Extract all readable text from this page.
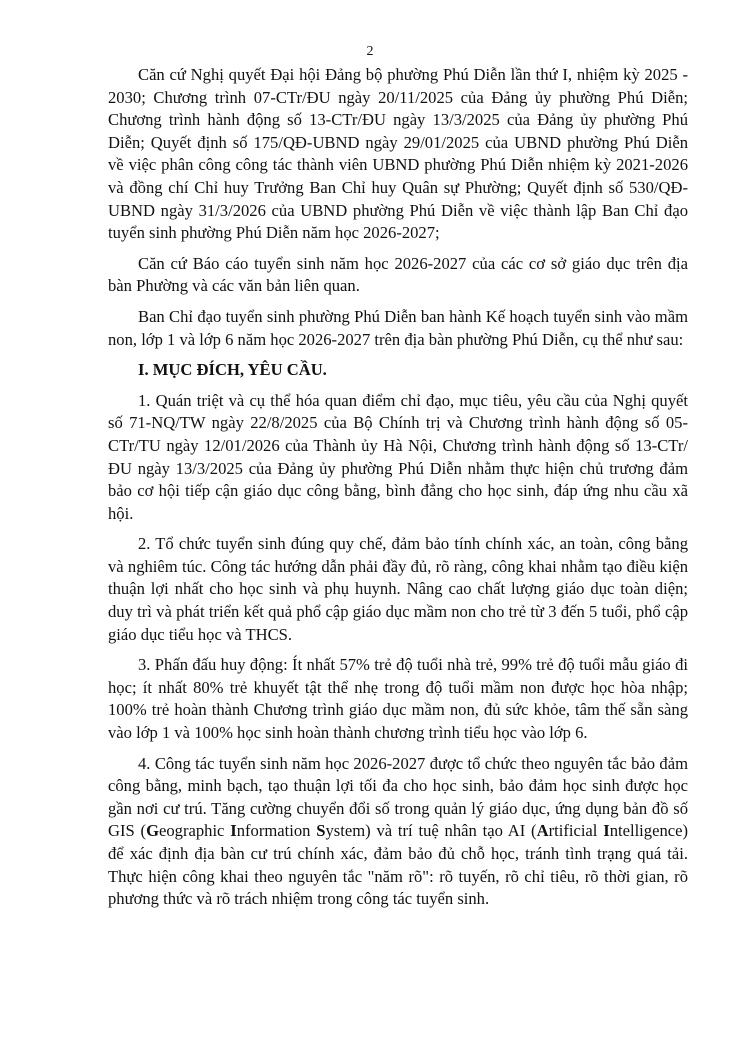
2

Căn cứ Nghị quyết Đại hội Đảng bộ phường Phú Diễn lần thứ I, nhiệm kỳ 2025 - 2030; Chương trình 07-CTr/ĐU ngày 20/11/2025 của Đảng ủy phường Phú Diễn; Chương trình hành động số 13-CTr/ĐU ngày 13/3/2025 của Đảng ủy phường Phú Diễn; Quyết định số 175/QĐ-UBND ngày 29/01/2025 của UBND phường Phú Diễn về việc phân công công tác thành viên UBND phường Phú Diễn nhiệm kỳ 2021-2026 và đồng chí Chỉ huy Trưởng Ban Chỉ huy Quân sự Phường; Quyết định số 530/QĐ-UBND ngày 31/3/2026 của UBND phường Phú Diễn về việc thành lập Ban Chỉ đạo tuyển sinh phường Phú Diễn năm học 2026-2027;

Căn cứ Báo cáo tuyển sinh năm học 2026-2027 của các cơ sở giáo dục trên địa bàn Phường và các văn bản liên quan.

Ban Chỉ đạo tuyển sinh phường Phú Diễn ban hành Kế hoạch tuyển sinh vào mầm non, lớp 1 và lớp 6 năm học 2026-2027 trên địa bàn phường Phú Diễn, cụ thể như sau:

I. MỤC ĐÍCH, YÊU CẦU.

1. Quán triệt và cụ thể hóa quan điểm chỉ đạo, mục tiêu, yêu cầu của Nghị quyết số 71-NQ/TW ngày 22/8/2025 của Bộ Chính trị và Chương trình hành động số 05-CTr/TU ngày 12/01/2026 của Thành ủy Hà Nội, Chương trình hành động số 13-CTr/ĐU ngày 13/3/2025 của Đảng ủy phường Phú Diễn nhằm thực hiện chủ trương đảm bảo cơ hội tiếp cận giáo dục công bằng, bình đẳng cho học sinh, đáp ứng nhu cầu xã hội.

2. Tổ chức tuyển sinh đúng quy chế, đảm bảo tính chính xác, an toàn, công bằng và nghiêm túc. Công tác hướng dẫn phải đầy đủ, rõ ràng, công khai nhằm tạo điều kiện thuận lợi nhất cho học sinh và phụ huynh. Nâng cao chất lượng giáo dục toàn diện; duy trì và phát triển kết quả phổ cập giáo dục mầm non cho trẻ từ 3 đến 5 tuổi, phổ cập giáo dục tiểu học và THCS.

3. Phấn đấu huy động: Ít nhất 57% trẻ độ tuổi nhà trẻ, 99% trẻ độ tuổi mẫu giáo đi học; ít nhất 80% trẻ khuyết tật thể nhẹ trong độ tuổi mầm non được học hòa nhập; 100% trẻ hoàn thành Chương trình giáo dục mầm non, đủ sức khỏe, tâm thế sẵn sàng vào lớp 1 và 100% học sinh hoàn thành chương trình tiểu học vào lớp 6.

4. Công tác tuyển sinh năm học 2026-2027 được tổ chức theo nguyên tắc bảo đảm công bằng, minh bạch, tạo thuận lợi tối đa cho học sinh, bảo đảm học sinh được học gần nơi cư trú. Tăng cường chuyển đổi số trong quản lý giáo dục, ứng dụng bản đồ số GIS (Geographic Information System) và trí tuệ nhân tạo AI (Artificial Intelligence) để xác định địa bàn cư trú chính xác, đảm bảo đủ chỗ học, tránh tình trạng quá tải. Thực hiện công khai theo nguyên tắc "năm rõ": rõ tuyến, rõ chỉ tiêu, rõ thời gian, rõ phương thức và rõ trách nhiệm trong công tác tuyển sinh.
